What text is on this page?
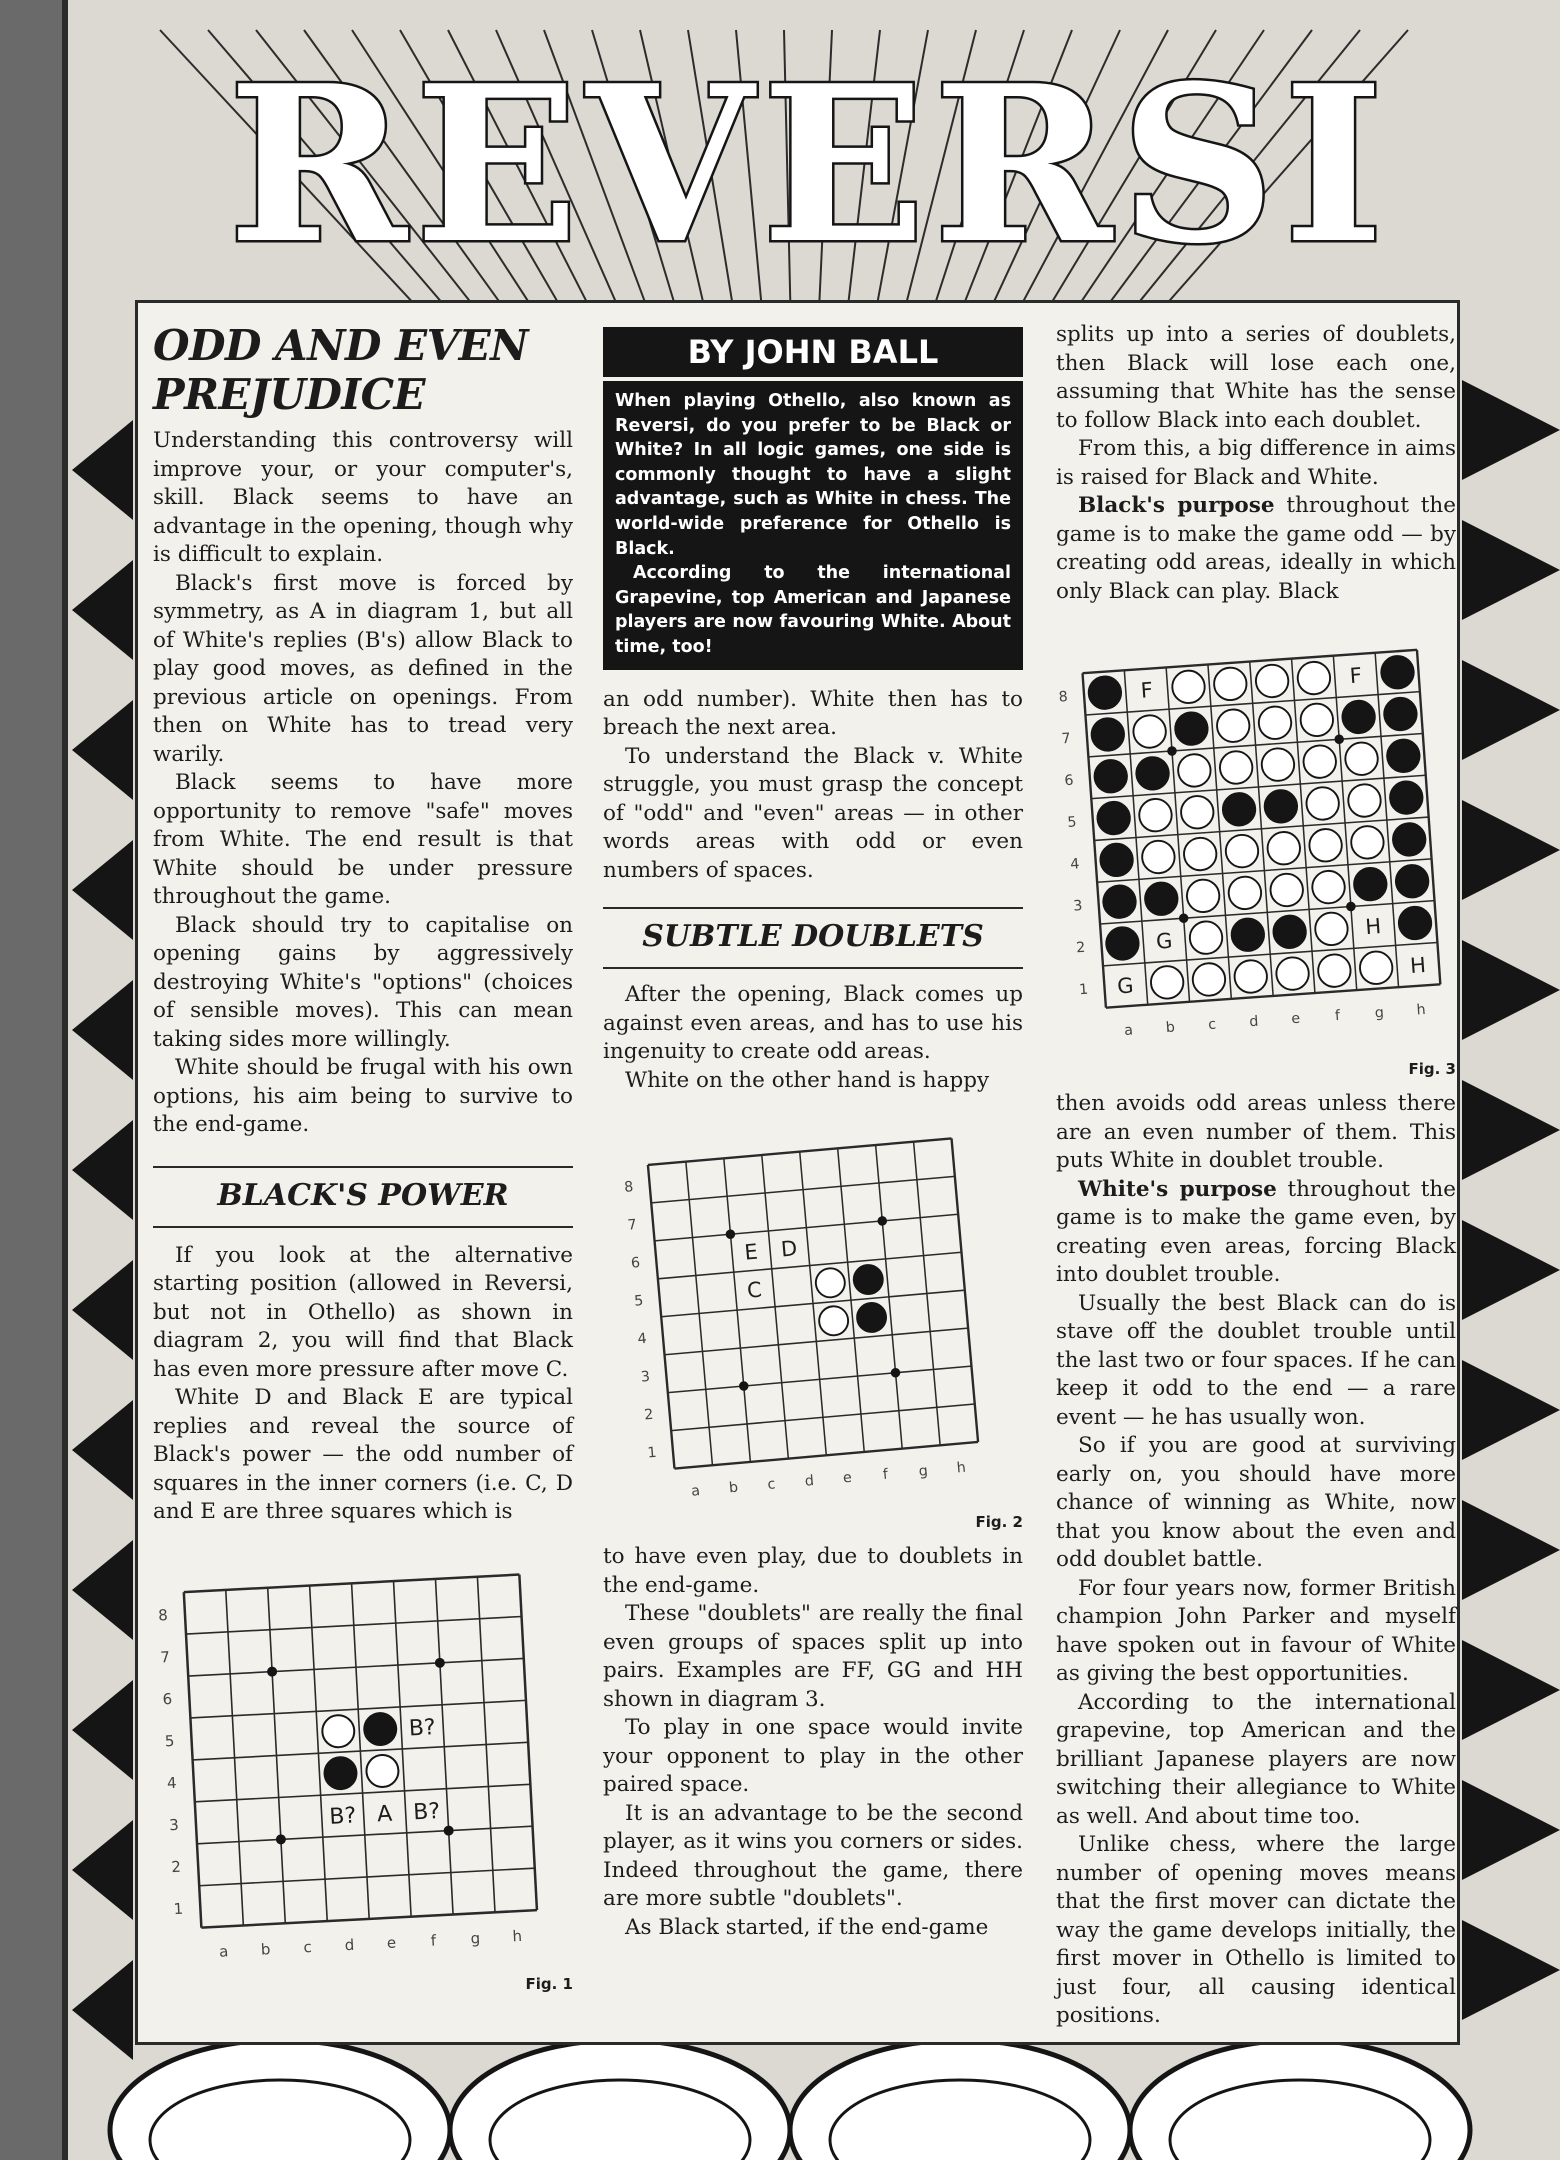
REVERSI
ODD AND EVEN PREJUDICE

Understanding this controversy will improve your, or your computer's, skill. Black seems to have an advantage in the opening, though why is difficult to explain.

Black's first move is forced by symmetry, as A in diagram 1, but all of White's replies (B's) allow Black to play good moves, as defined in the previous article on openings. From then on White has to tread very warily.

Black seems to have more opportunity to remove "safe" moves from White. The end result is that White should be under pressure throughout the game.

Black should try to capitalise on opening gains by aggressively destroying White's "options" (choices of sensible moves). This can mean taking sides more willingly.

White should be frugal with his own options, his aim being to survive to the end-game.

BLACK'S POWER

If you look at the alternative starting position (allowed in Reversi, but not in Othello) as shown in diagram 2, you will find that Black has even more pressure after move C.

White D and Black E are typical replies and reveal the source of Black's power — the odd number of squares in the inner corners (i.e. C, D and E are three squares which is

8
7
6
5
4
3
2
1
a b c d e f g h
B?
B? A B?
Fig. 1
BY JOHN BALL

When playing Othello, also known as Reversi, do you prefer to be Black or White? In all logic games, one side is commonly thought to have a slight advantage, such as White in chess. The world-wide preference for Othello is Black.

According to the international Grapevine, top American and Japanese players are now favouring White. About time, too!

an odd number). White then has to breach the next area.

To understand the Black v. White struggle, you must grasp the concept of "odd" and "even" areas — in other words areas with odd or even numbers of spaces.

SUBTLE DOUBLETS

After the opening, Black comes up against even areas, and has to use his ingenuity to create odd areas.

White on the other hand is happy

8
7
6
5
4
3
2
1
a b c d e f g h
E D
C
Fig. 2

to have even play, due to doublets in the end-game.

These "doublets" are really the final even groups of spaces split up into pairs. Examples are FF, GG and HH shown in diagram 3.

To play in one space would invite your opponent to play in the other paired space.

It is an advantage to be the second player, as it wins you corners or sides. Indeed throughout the game, there are more subtle "doublets".

As Black started, if the end-game

splits up into a series of doublets, then Black will lose each one, assuming that White has the sense to follow Black into each doublet.

From this, a big difference in aims is raised for Black and White.

Black's purpose throughout the game is to make the game odd — by creating odd areas, ideally in which only Black can play. Black

8
7
6
5
4
3
2
1
a b c d e f g h
F
F
G
H
G
H
Fig. 3

then avoids odd areas unless there are an even number of them. This puts White in doublet trouble.

White's purpose throughout the game is to make the game even, by creating even areas, forcing Black into doublet trouble.

Usually the best Black can do is stave off the doublet trouble until the last two or four spaces. If he can keep it odd to the end — a rare event — he has usually won.

So if you are good at surviving early on, you should have more chance of winning as White, now that you know about the even and odd doublet battle.

For four years now, former British champion John Parker and myself have spoken out in favour of White as giving the best opportunities.

According to the international grapevine, top American and the brilliant Japanese players are now switching their allegiance to White as well. And about time too.

Unlike chess, where the large number of opening moves means that the first mover can dictate the way the game develops initially, the first mover in Othello is limited to just four, all causing identical positions.
